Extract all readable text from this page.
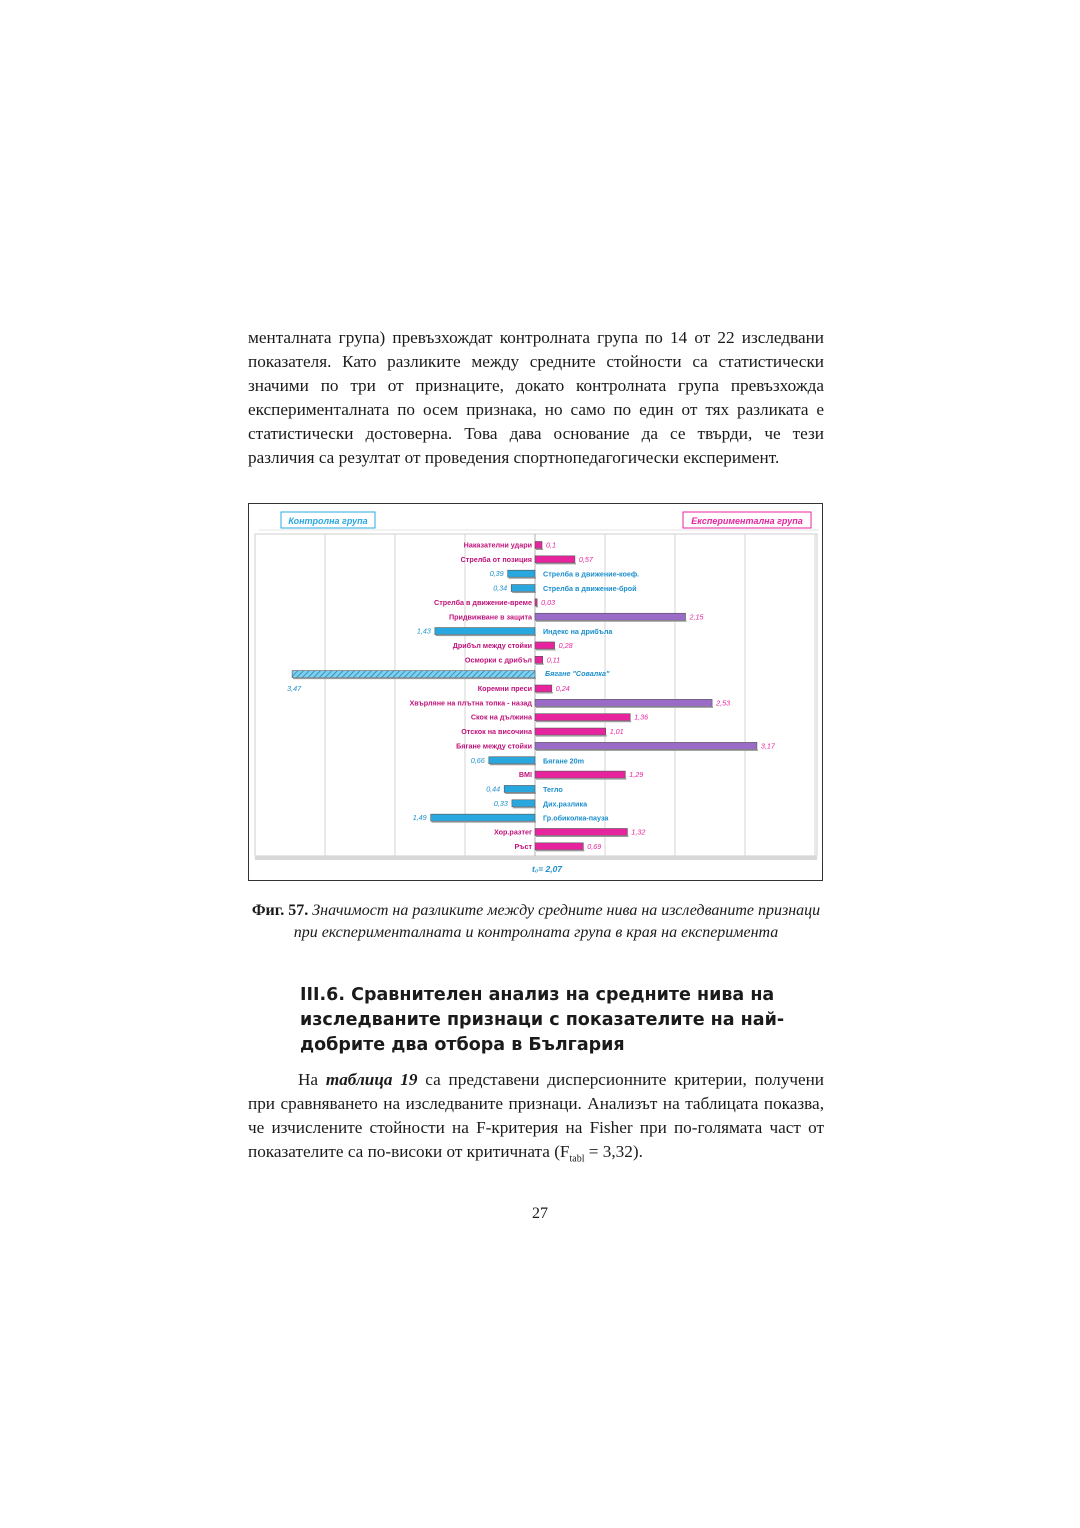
менталната група) превъзхождат контролната група по 14 от 22 изследвани показателя. Като разликите между средните стойности са статистически значими по три от признаците, докато контролната група превъзхожда експерименталната по осем признака, но само по един от тях разликата е статистически достоверна. Това дава основание да се твърди, че тези различия са резултат от проведения спортнопедагогически експеримент.
Контролна група	Експериментална група
Наказателни удари 0,1
Стрелба от позиция	0,57
Стрелба в движение-коеф.
0,39
Стрелба в движение-брой
0,34
Стрелба в движение-време 0,03
Придвижване в защита	2,15
Индекс на дрибъла
1,43
Дрибъл между стойки	0,28
Осморки с дрибъл 0,11
Бягане "Совалка"
3,47	Коремни преси	0,24
Хвърляне на плътна топка - назад	2,53
Скок на дължина	1,36
Отскок на височина	1,01
Бягане между стойки	3,17
Бягане 20m
0,66
BMI	1,29
Тегло
0,44
Дих.разлика
0,33
Гр.обиколка-пауза
1,49
Хор.разтег	1,32
Ръст	0,69
t₀= 2,07
Фиг. 57. Значимост на разликите между средните нива на изследваните признаци при експерименталната и контролната група в края на експеримента
III.6. Сравнителен анализ на средните нива на изследваните признаци с показателите на най-добрите два отбора в България
На таблица 19 са представени дисперсионните критерии, получени при сравняването на изследваните признаци. Анализът на таблицата показва, че изчислените стойности на F-критерия на Fisher при по-голямата част от показателите са по-високи от критичната $(F_{tabl} = 3,32)$.
27
